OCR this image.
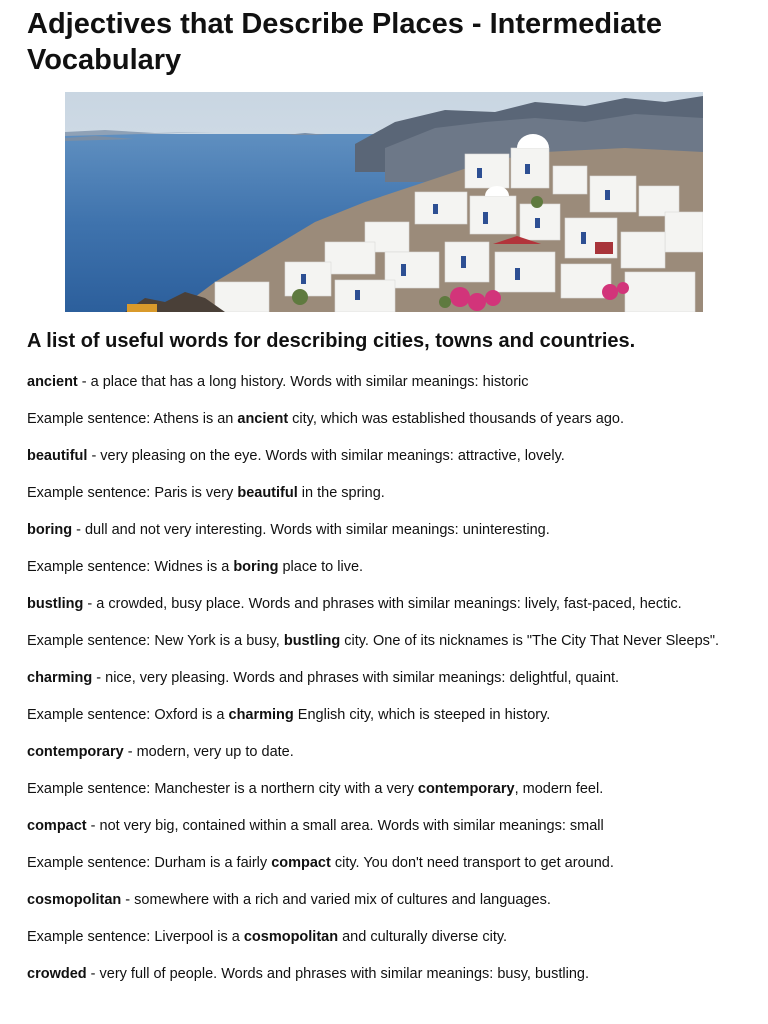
Adjectives that Describe Places - Intermediate Vocabulary
A list of useful words for describing cities, towns and countries.

ancient - a place that has a long history. Words with similar meanings: historic

Example sentence: Athens is an ancient city, which was established thousands of years ago.

beautiful - very pleasing on the eye. Words with similar meanings: attractive, lovely.

Example sentence: Paris is very beautiful in the spring.

boring - dull and not very interesting. Words with similar meanings: uninteresting.

Example sentence: Widnes is a boring place to live.

bustling - a crowded, busy place. Words and phrases with similar meanings: lively, fast-paced, hectic.

Example sentence: New York is a busy, bustling city. One of its nicknames is "The City That Never Sleeps".

charming - nice, very pleasing. Words and phrases with similar meanings: delightful, quaint.

Example sentence: Oxford is a charming English city, which is steeped in history.

contemporary - modern, very up to date.

Example sentence: Manchester is a northern city with a very contemporary, modern feel.

compact - not very big, contained within a small area. Words with similar meanings: small

Example sentence: Durham is a fairly compact city. You don't need transport to get around.

cosmopolitan - somewhere with a rich and varied mix of cultures and languages.

Example sentence: Liverpool is a cosmopolitan and culturally diverse city.

crowded - very full of people. Words and phrases with similar meanings: busy, bustling.
